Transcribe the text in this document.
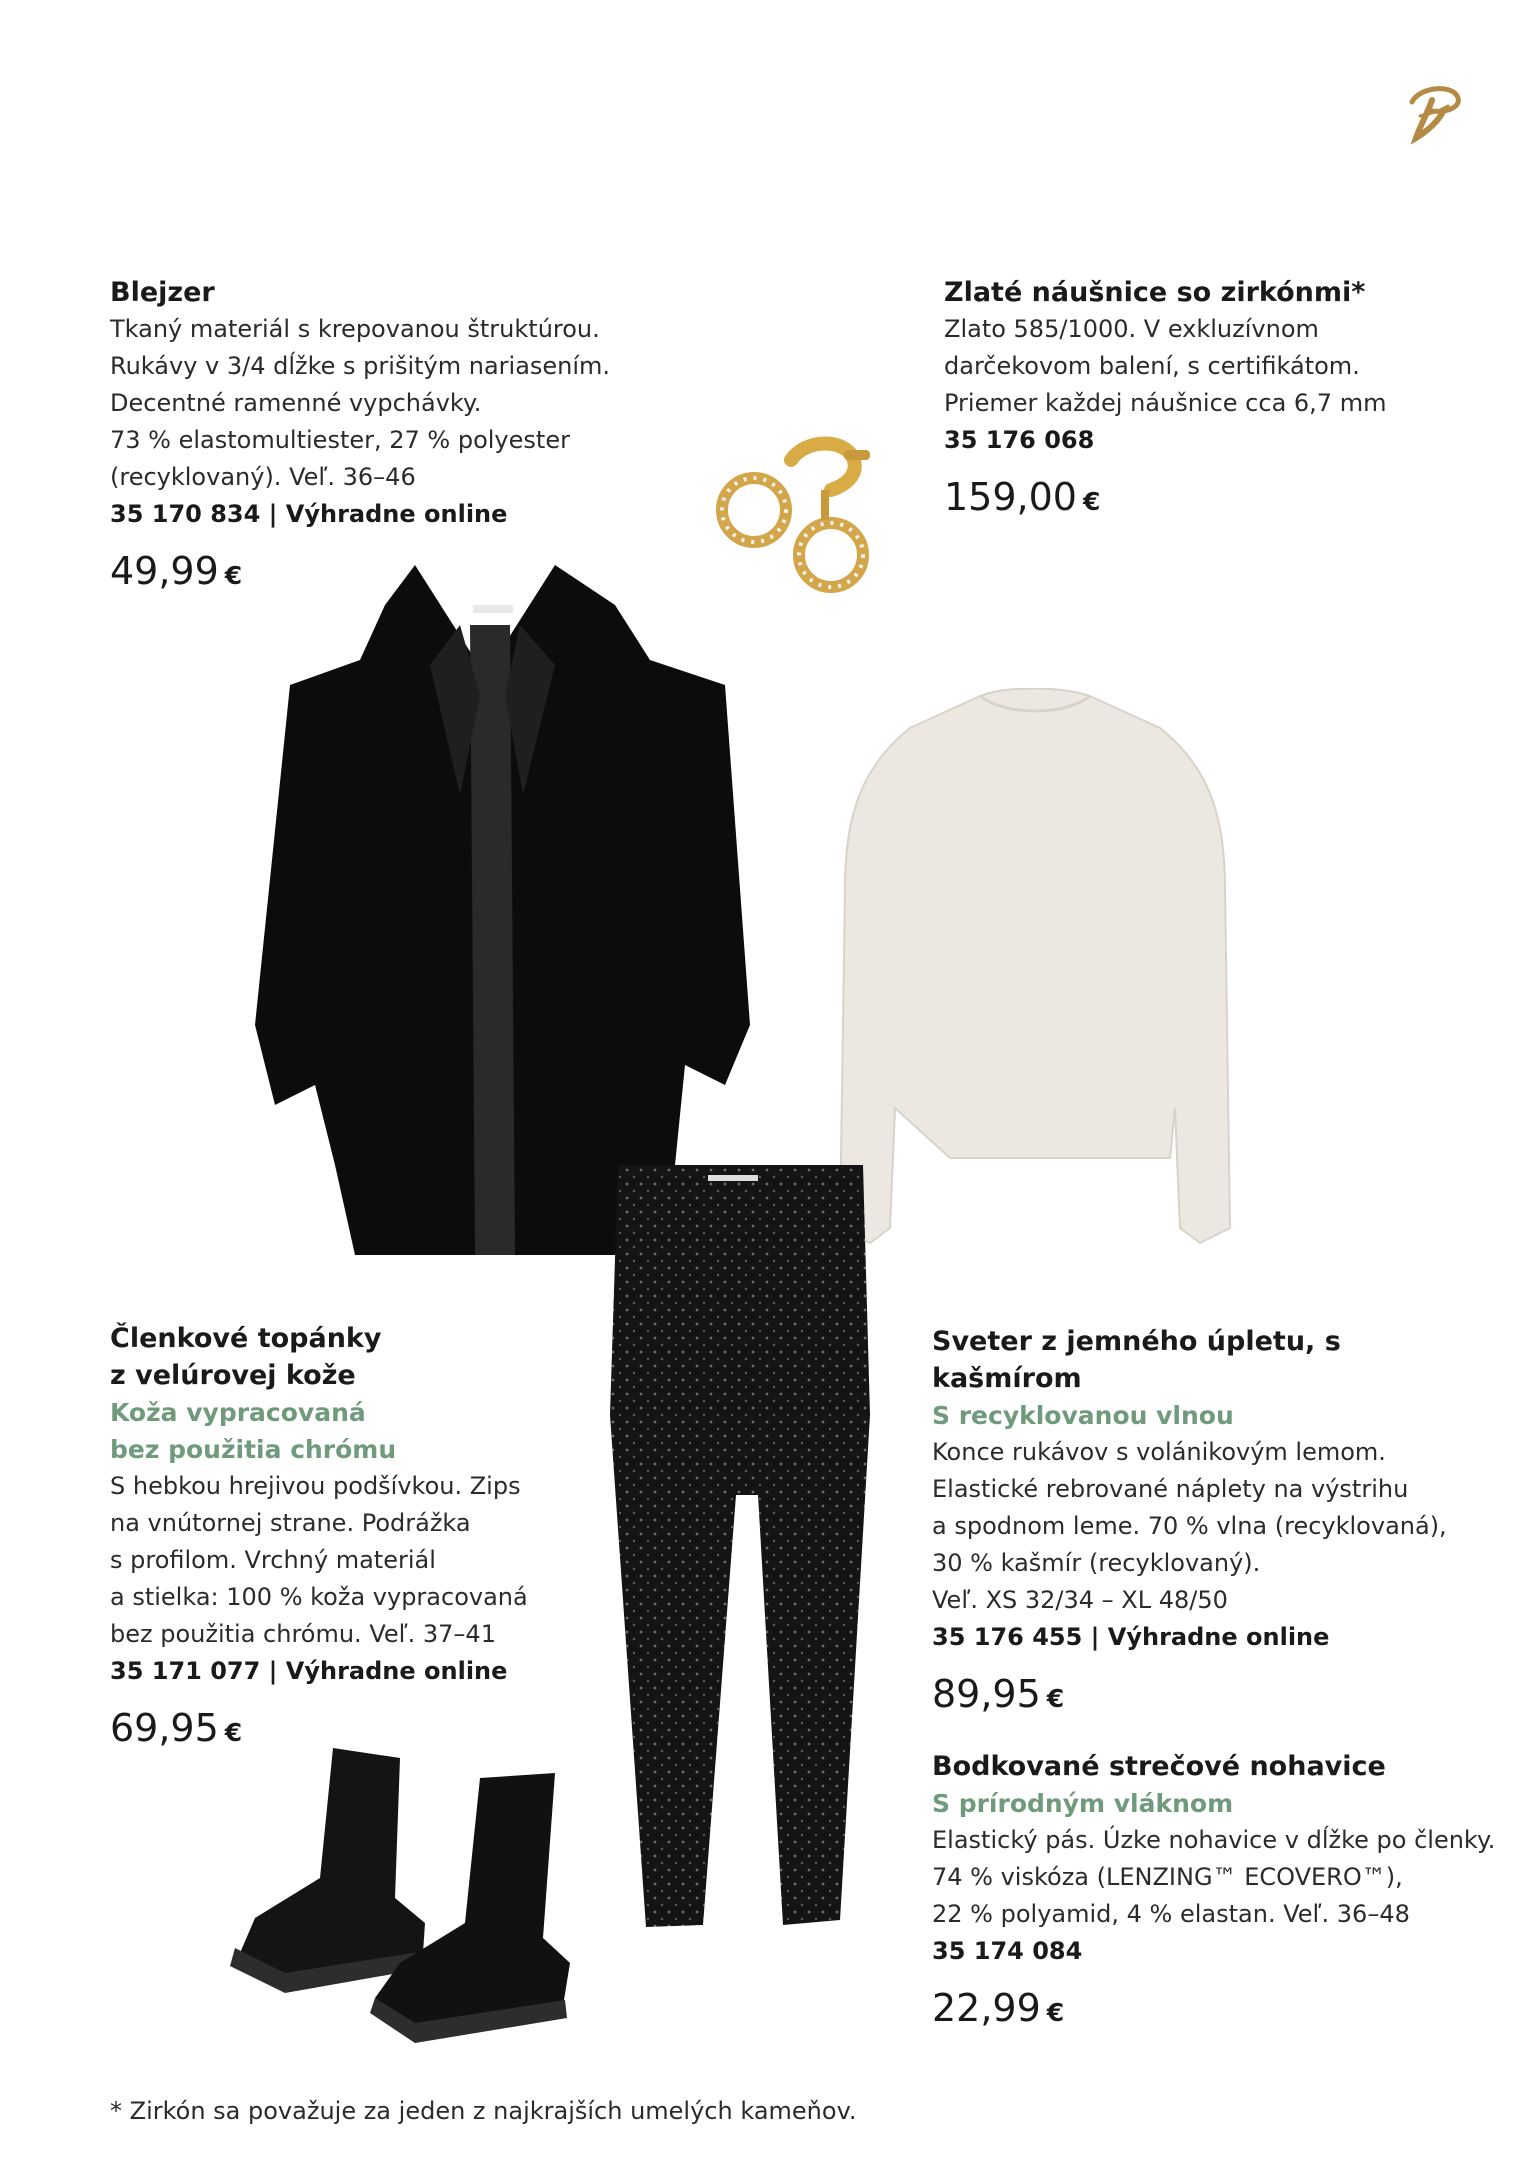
Blejzer
Tkaný materiál s krepovanou štruktúrou.
Rukávy v 3/4 dĺžke s prišitým nariasením.
Decentné ramenné vypchávky.
73 % elastomultiester, 27 % polyester
(recyklovaný). Veľ. 36–46
35 170 834 | Výhradne online
49,99 €
Zlaté náušnice so zirkónmi*
Zlato 585/1000. V exkluzívnom
darčekovom balení, s certifikátom.
Priemer každej náušnice cca 6,7 mm
35 176 068
159,00 €
Členkové topánky
z velúrovej kože
Koža vypracovaná
bez použitia chrómu
S hebkou hrejivou podšívkou. Zips
na vnútornej strane. Podrážka
s profilom. Vrchný materiál
a stielka: 100 % koža vypracovaná
bez použitia chrómu. Veľ. 37–41
35 171 077 | Výhradne online
69,95 €
Sveter z jemného úpletu, s kašmírom
S recyklovanou vlnou
Konce rukávov s volánikovým lemom.
Elastické rebrované náplety na výstrihu
a spodnom leme. 70 % vlna (recyklovaná),
30 % kašmír (recyklovaný).
Veľ. XS 32/34 – XL 48/50
35 176 455 | Výhradne online
89,95 €
Bodkované strečové nohavice
S prírodným vláknom
Elastický pás. Úzke nohavice v dĺžke po členky.
74 % viskóza (LENZING™ ECOVERO™),
22 % polyamid, 4 % elastan. Veľ. 36–48
35 174 084
22,99 €
* Zirkón sa považuje za jeden z najkrajších umelých kameňov.
